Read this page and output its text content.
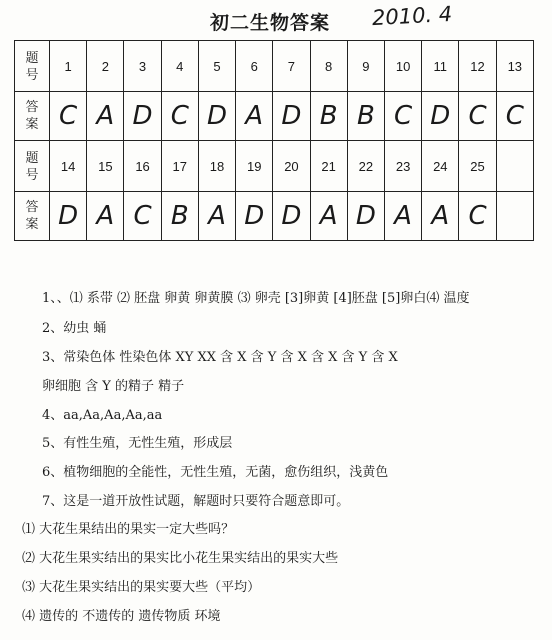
初二生物答案 2010. 4
题
号	1	2	3	4	5	6	7	8	9	10	11	12	13

答
案	C	A	D	C	D	A	D	B	B	C	D	C	C

题
号	14	15	16	17	18	19	20	21	22	23	24	25	

答
案	D	A	C	B	A	D	D	A	D	A	A	C	
1、、⑴ 系带 ⑵ 胚盘 卵黄 卵黄膜 ⑶ 卵壳 [3]卵黄 [4]胚盘 [5]卵白⑷ 温度
2、幼虫 蛹
3、常染色体 性染色体 XY XX 含 X 含 Y 含 X 含 X 含 Y 含 X
卵细胞 含 Y 的精子 精子
4、aa,Aa,Aa,Aa,aa
5、有性生殖，无性生殖，形成层
6、植物细胞的全能性，无性生殖，无菌，愈伤组织，浅黄色
7、这是一道开放性试题，解题时只要符合题意即可。
⑴ 大花生果结出的果实一定大些吗？
⑵ 大花生果实结出的果实比小花生果实结出的果实大些
⑶ 大花生果实结出的果实要大些（平均）
⑷ 遗传的 不遗传的 遗传物质 环境
